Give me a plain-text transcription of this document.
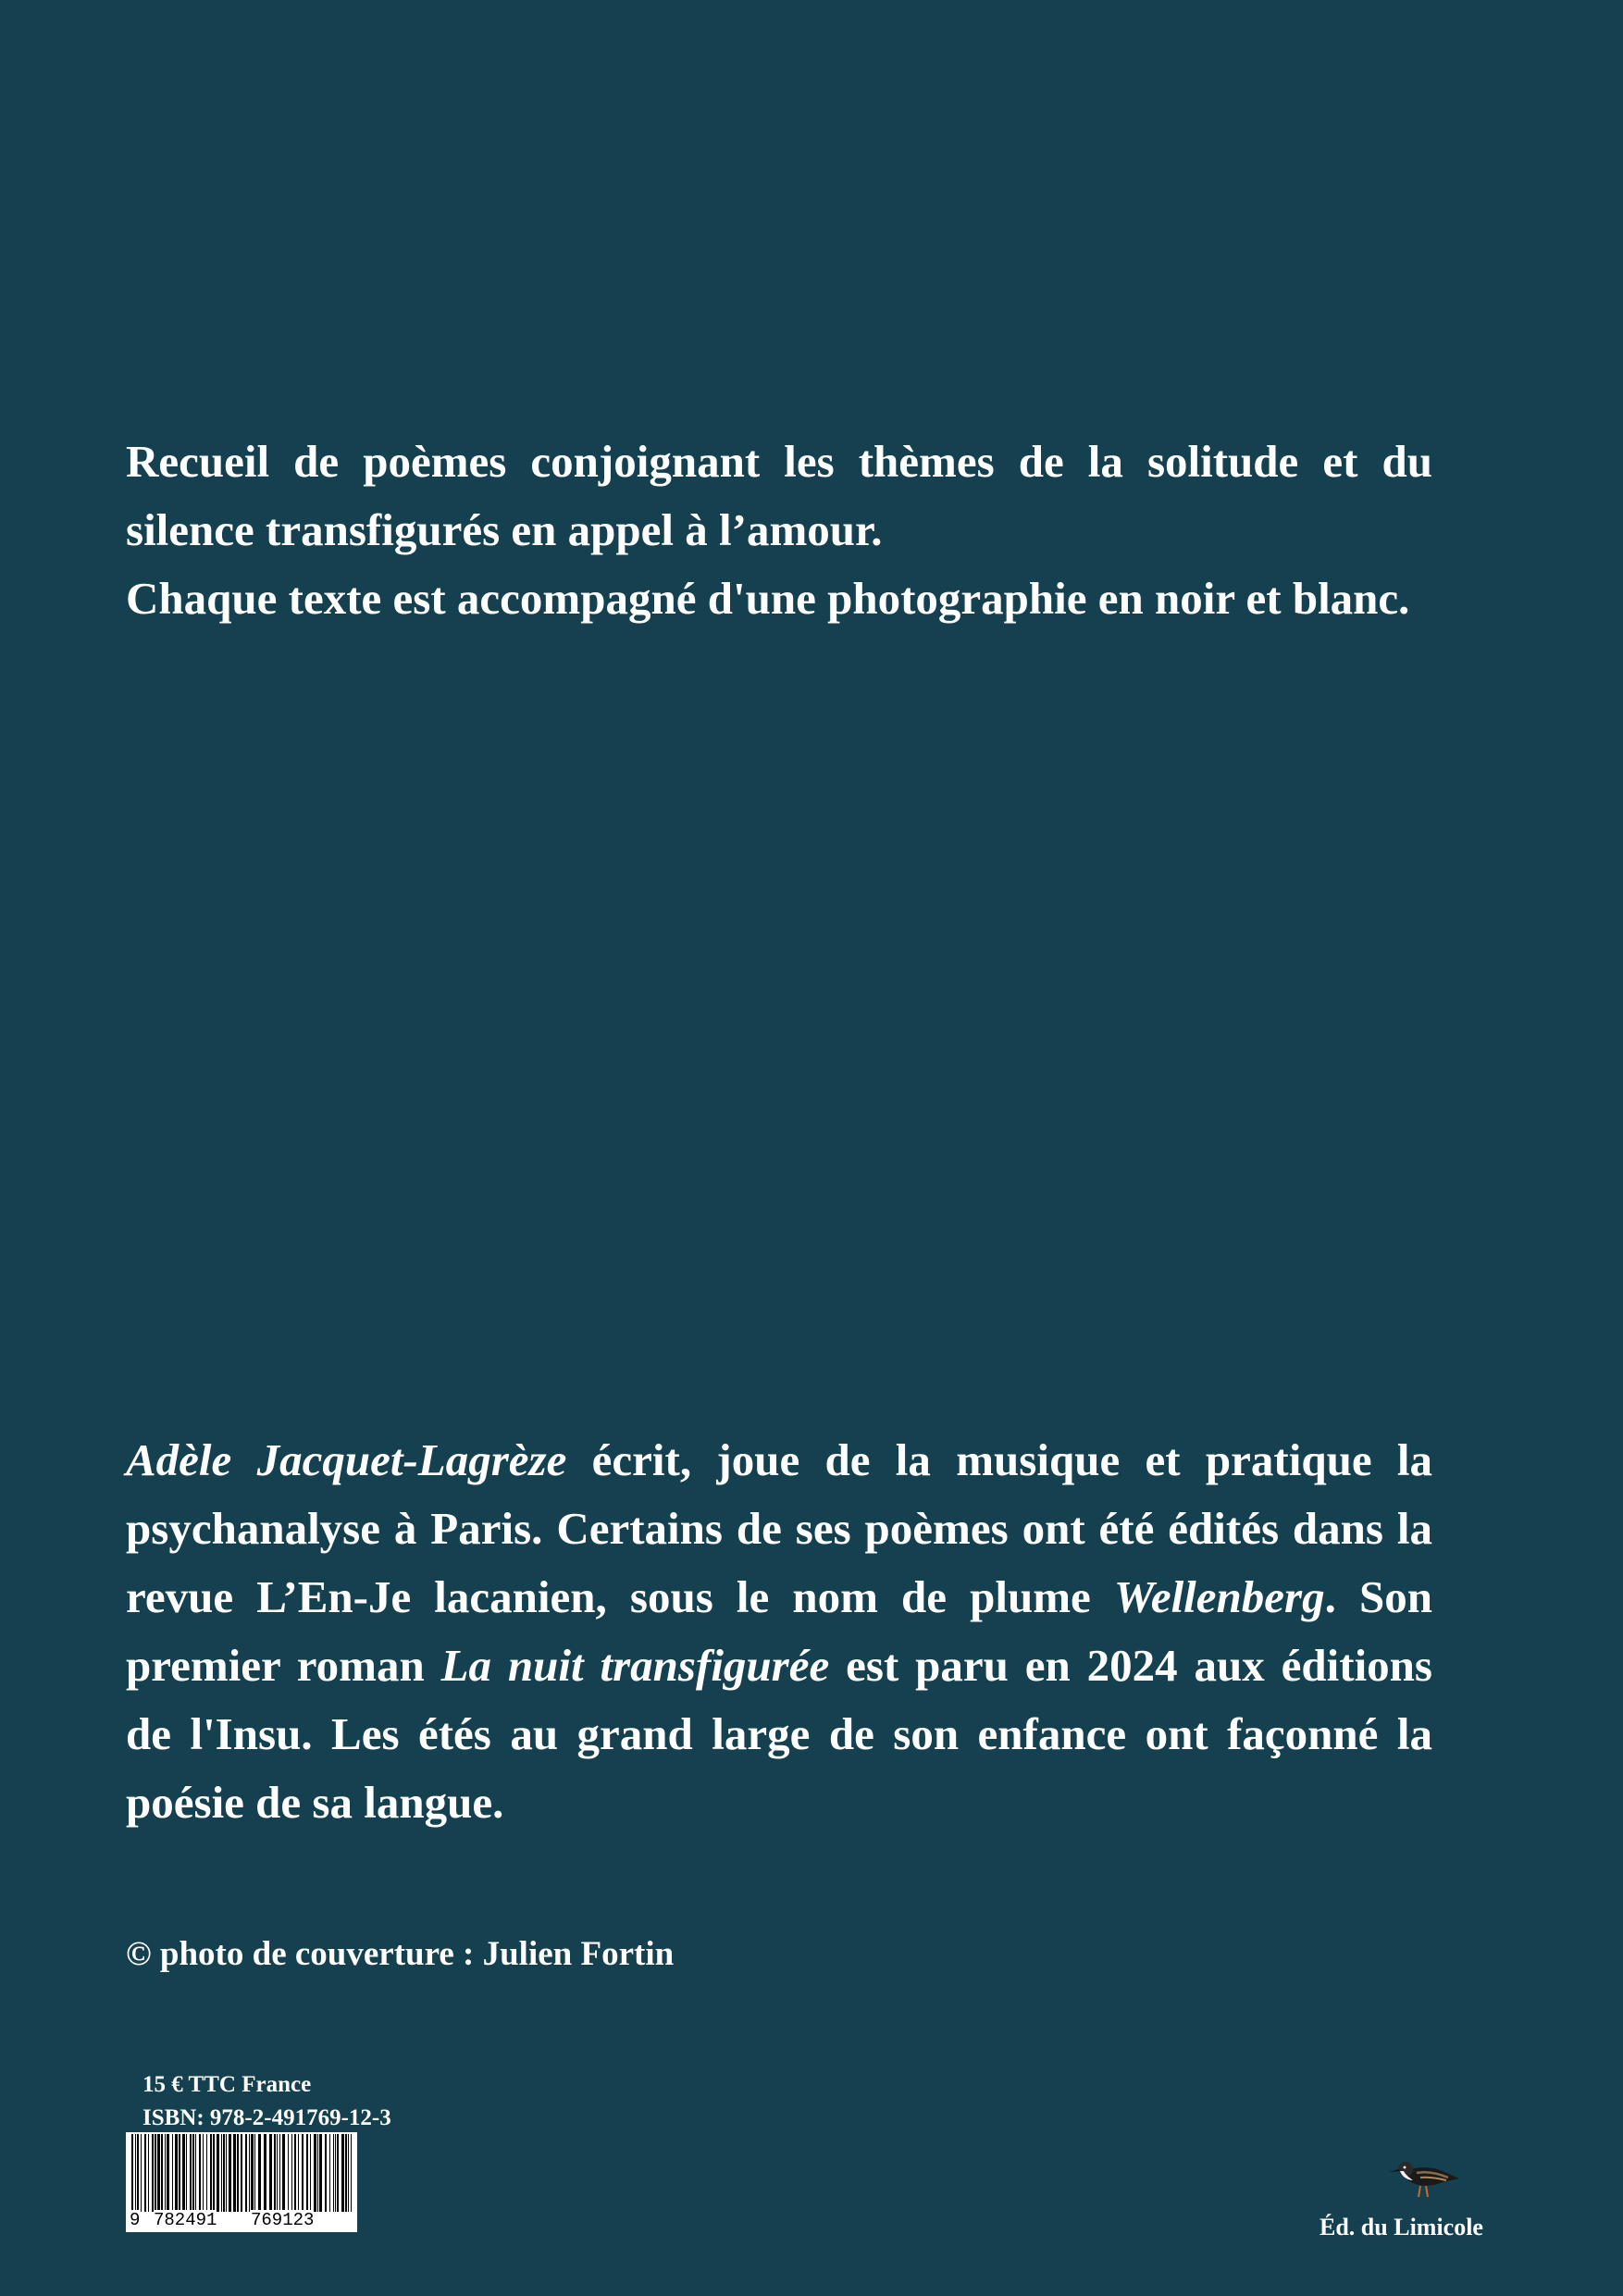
Recueil de poèmes conjoignant les thèmes de la solitude et du silence transfigurés en appel à l’amour.

Chaque texte est accompagné d'une photographie en noir et blanc.

Adèle Jacquet-Lagrèze écrit, joue de la musique et pratique la psychanalyse à Paris. Certains de ses poèmes ont été édités dans la revue L’En-Je lacanien, sous le nom de plume Wellenberg. Son premier roman La nuit transfigurée est paru en 2024 aux éditions de l'Insu. Les étés au grand large de son enfance ont façonné la poésie de sa langue.

© photo de couverture : Julien Fortin
15 € TTC France
ISBN: 978-2-491769-12-3
9 782491 769123	Éd. du Limicole
